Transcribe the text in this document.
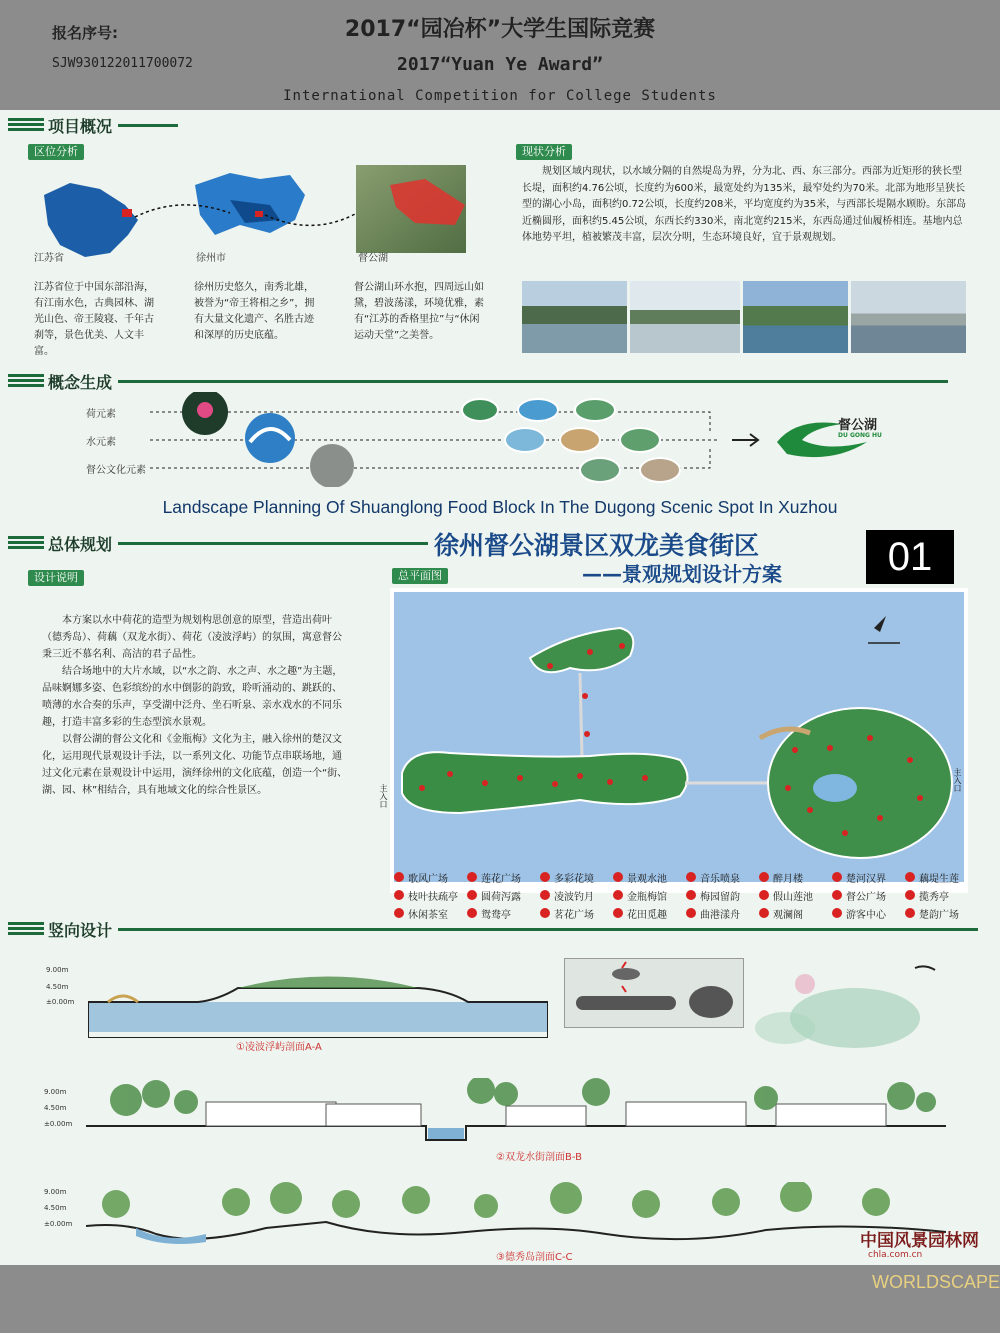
报名序号:
SJW930122011700072
2017“园冶杯”大学生国际竞赛
2017“Yuan Ye Award”
International Competition for College Students
项目概况
区位分析	现状分析
江苏省	徐州市	督公湖
江苏省位于中国东部沿海，有江南水色，古典园林、湖光山色、帝王陵寝、千年古刹等，景色优美、人文丰富。
徐州历史悠久，南秀北雄，被誉为“帝王将相之乡”，拥有大量文化遗产、名胜古迹和深厚的历史底蕴。
督公湖山环水抱，四周远山如黛，碧波荡漾，环境优雅，素有“江苏的香格里拉”与“休闲运动天堂”之美誉。
规划区域内现状，以水域分隔的自然堤岛为界，分为北、西、东三部分。西部为近矩形的狭长型长堤，面积约4.76公顷，长度约为600米，最宽处约为135米，最窄处约为70米。北部为地形呈狭长型的湖心小岛，面积约0.72公顷，长度约208米，平均宽度约为35米，与西部长堤隔水顾盼。东部岛近椭圆形，面积约5.45公顷，东西长约330米，南北宽约215米，东西岛通过仙履桥相连。基地内总体地势平坦，植被繁茂丰富，层次分明，生态环境良好，宜于景观规划。
概念生成
荷元素
水元素
督公文化元素
督公湖
DU GONG HU
Landscape Planning Of Shuanglong Food Block In The Dugong Scenic Spot In Xuzhou
总体规划	徐州督公湖景区双龙美食街区
——景观规划设计方案	01
设计说明	总平面图

本方案以水中荷花的造型为规划构思创意的原型，营造出荷叶（德秀岛）、荷藕（双龙水街）、荷花（凌波浮屿）的氛围，寓意督公秉三近不慕名利、高洁的君子品性。

结合场地中的大片水域，以“水之韵、水之声、水之趣”为主题，品味婀娜多姿、色彩缤纷的水中倒影的韵致，聆听涌动的、跳跃的、喷薄的水合奏的乐声，享受湖中泛舟、坐石听泉、亲水戏水的不同乐趣，打造丰富多彩的生态型滨水景观。

以督公湖的督公文化和《金瓶梅》文化为主，融入徐州的楚汉文化，运用现代景观设计手法，以一系列文化、功能节点串联场地，通过文化元素在景观设计中运用，演绎徐州的文化底蕴，创造一个“街、湖、园、林”相结合，具有地域文化的综合性景区。	主入口
主入口
歌风广场	莲花广场	多彩花境	景观水池	音乐喷泉	醉月楼	楚河汉界	藕堤生莲
枝叶扶疏亭 圆荷泻露	凌波钓月	金瓶梅馆	梅园留韵	假山莲池	督公广场	揽秀亭
休闲茶室	鸳鸯亭	茗花广场	花田觅趣	曲港漾舟	观澜阁	游客中心	楚韵广场
竖向设计
9.00m
4.50m
±0.00m
①凌波浮屿剖面A-A
9.00m
4.50m
±0.00m
②双龙水街剖面B-B
9.00m
4.50m
±0.00m
③德秀岛剖面C-C
中国风景园林网
chla.com.cn
WORLDSCAPE
